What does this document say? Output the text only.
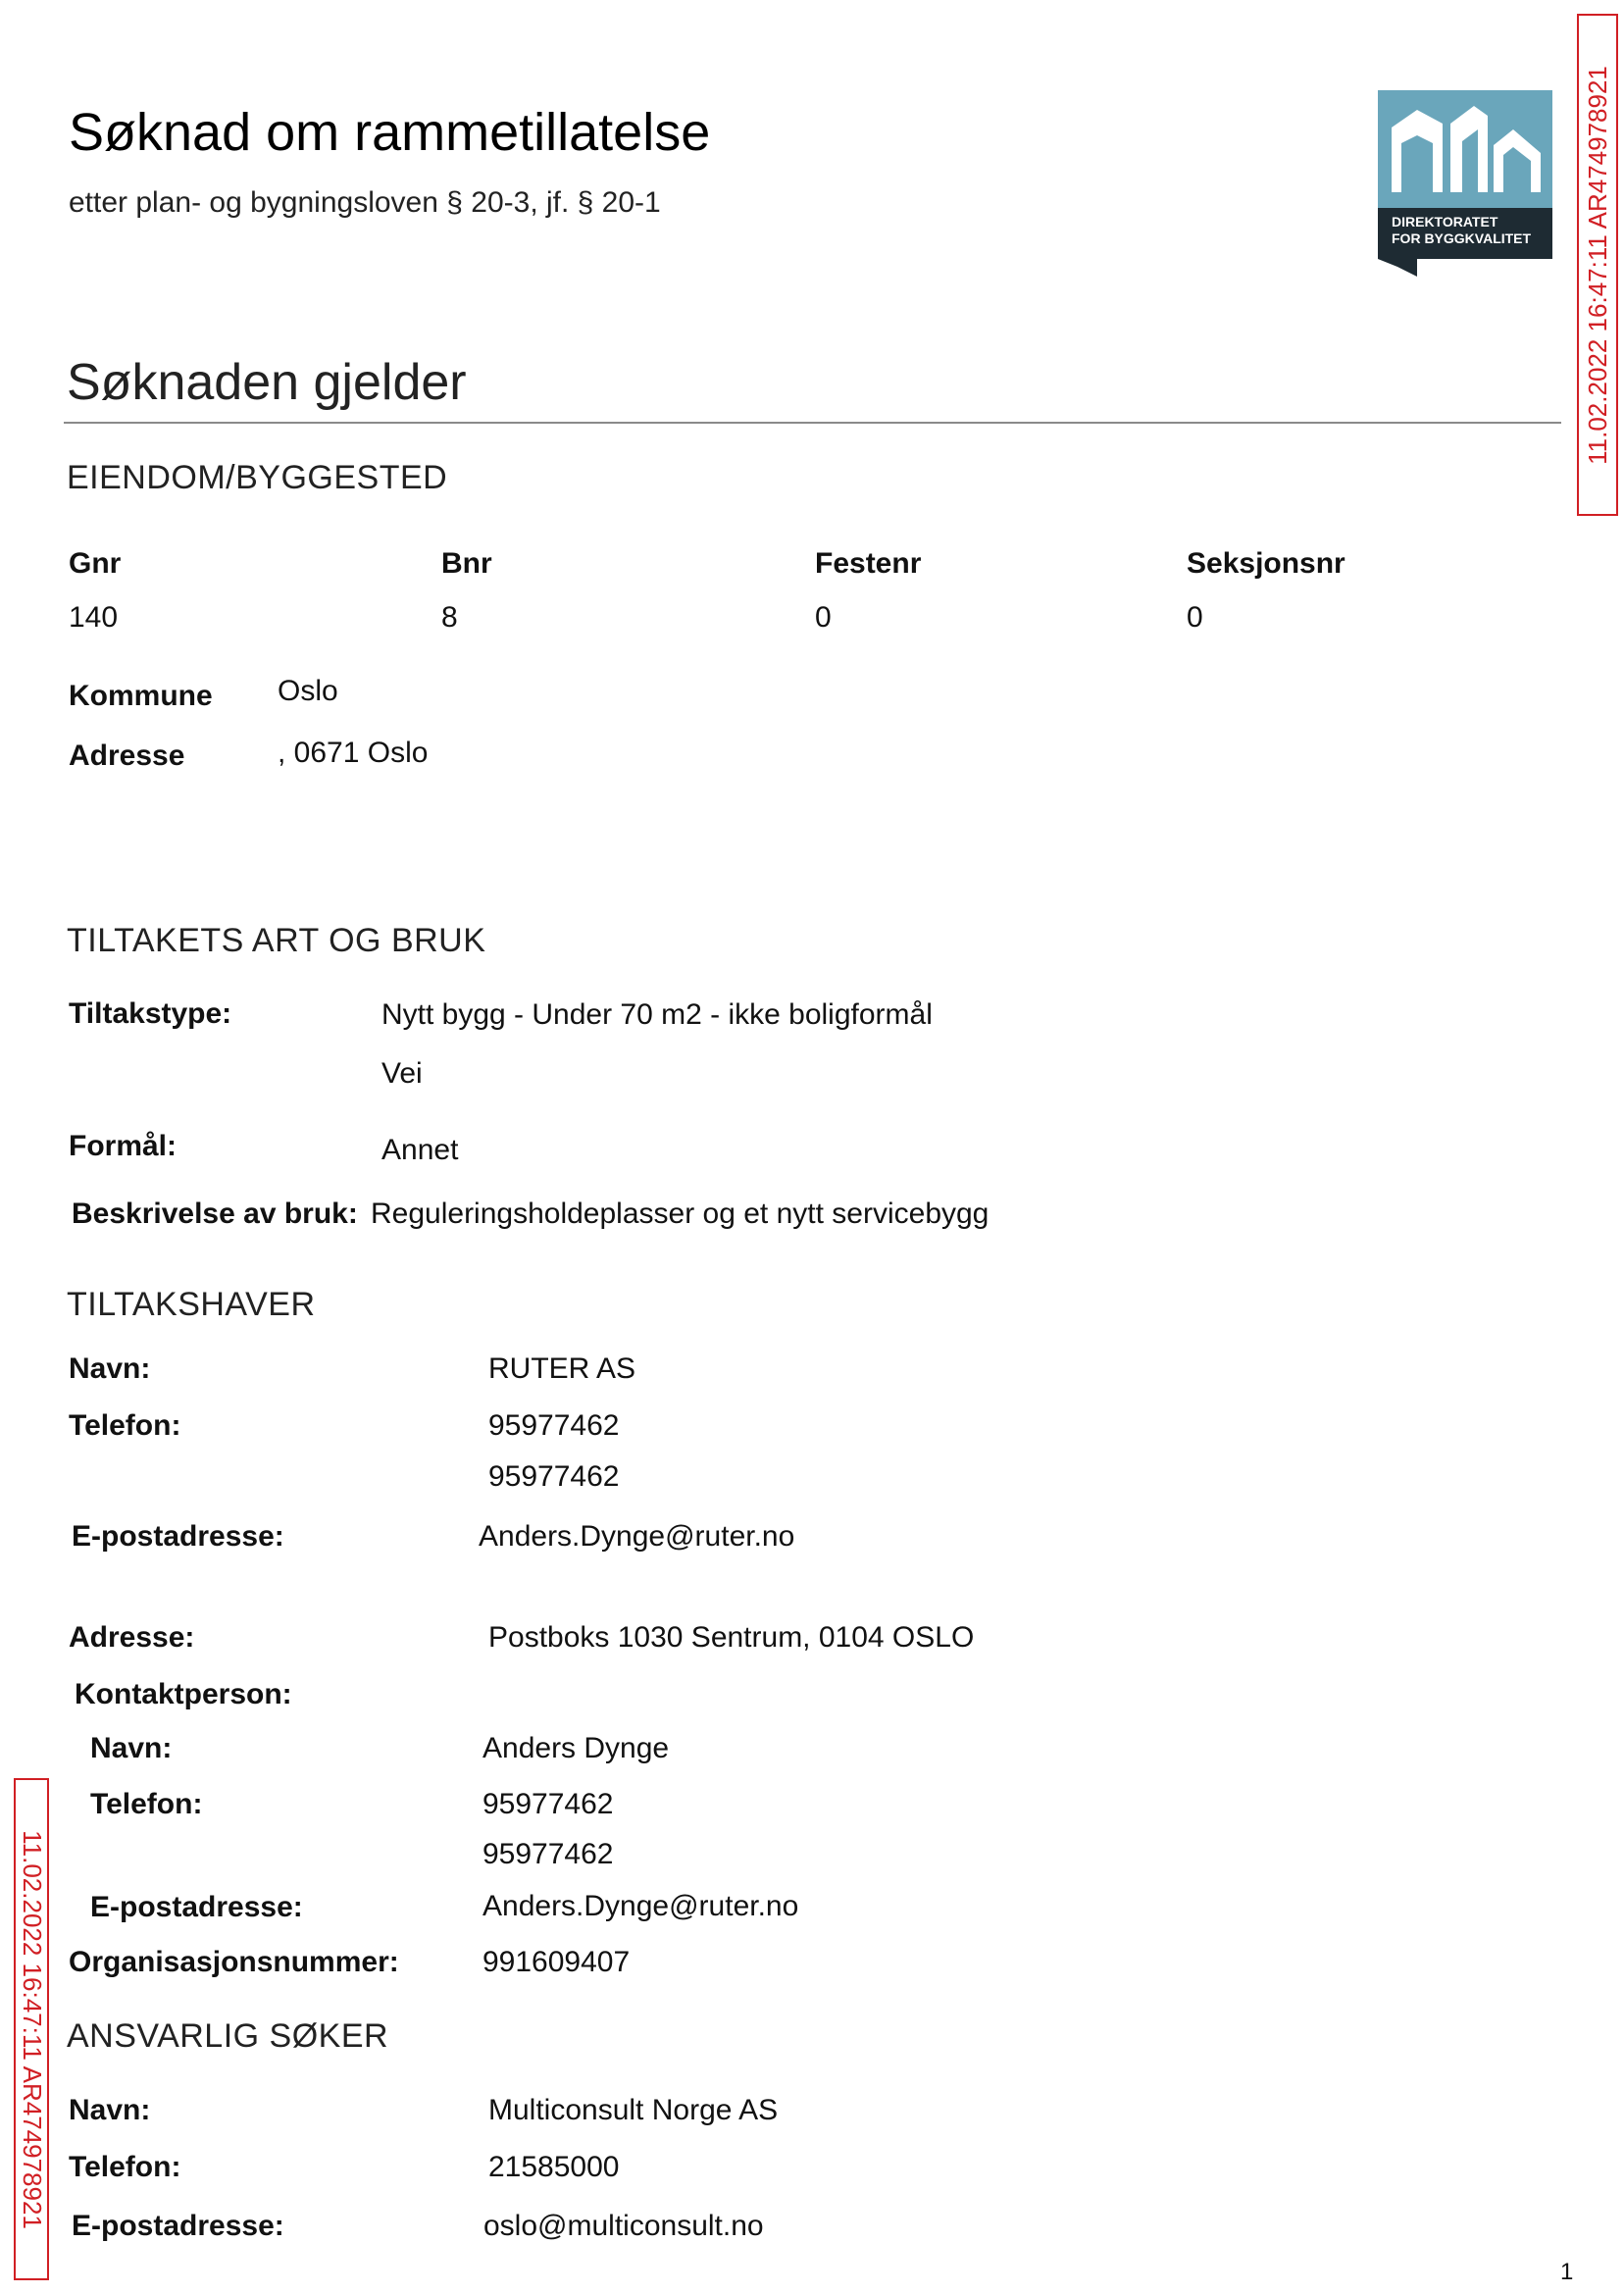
Søknad om rammetillatelse
etter plan- og bygningsloven § 20-3, jf. § 20-1
DIREKTORATET
FOR BYGGKVALITET 11.02.2022 16:47:11 AR474978921
11.02.2022 16:47:11 AR474978921
Søknaden gjelder
EIENDOM/BYGGESTED
Gnr	Bnr	Festenr	Seksjonsnr
140	8	0	0
Kommune Oslo
Adresse	, 0671 Oslo
TILTAKETS ART OG BRUK
Tiltakstype:	Nytt bygg - Under 70 m2 - ikke boligformål
Vei
Formål:	Annet
Beskrivelse av bruk: Reguleringsholdeplasser og et nytt servicebygg
TILTAKSHAVER
Navn:	RUTER AS
Telefon:	95977462
95977462
E-postadresse:	Anders.Dynge@ruter.no
Adresse:	Postboks 1030 Sentrum, 0104 OSLO
Kontaktperson:
Navn:	Anders Dynge
Telefon:	95977462
95977462
E-postadresse:	Anders.Dynge@ruter.no
Organisasjonsnummer:	991609407
ANSVARLIG SØKER
Navn:	Multiconsult Norge AS
Telefon:	21585000
E-postadresse:	oslo@multiconsult.no
1
